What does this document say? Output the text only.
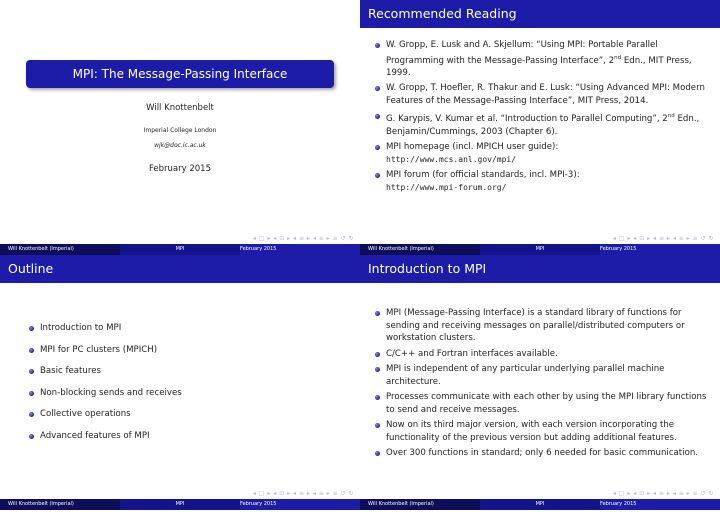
MPI: The Message-Passing Interface
Will Knottenbelt
Imperial College London
wjk@doc.ic.ac.uk
February 2015
◂ □ ▸ ◂ ⊡ ▸ ◂ ≡ ▸ ◂ ≡ ▸ ≡ ↺ ↻
Will Knottenbelt (Imperial)	MPI	February 2015
Recommended Reading
W. Gropp, E. Lusk and A. Skjellum: “Using MPI: Portable Parallel Programming with the Message-Passing Interface”, 2nd Edn., MIT Press, 1999.
W. Gropp, T. Hoefler, R. Thakur and E. Lusk: “Using Advanced MPI: Modern Features of the Message-Passing Interface”, MIT Press, 2014.
G. Karypis, V. Kumar et al. “Introduction to Parallel Computing”, 2nd Edn., Benjamin/Cummings, 2003 (Chapter 6).
MPI homepage (incl. MPICH user guide):
http://www.mcs.anl.gov/mpi/
MPI forum (for official standards, incl. MPI-3):
http://www.mpi-forum.org/
◂ □ ▸ ◂ ⊡ ▸ ◂ ≡ ▸ ◂ ≡ ▸ ≡ ↺ ↻
Will Knottenbelt (Imperial)	MPI	February 2015
Outline
Introduction to MPI
MPI for PC clusters (MPICH)
Basic features
Non-blocking sends and receives
Collective operations
Advanced features of MPI
◂ □ ▸ ◂ ⊡ ▸ ◂ ≡ ▸ ◂ ≡ ▸ ≡ ↺ ↻
Will Knottenbelt (Imperial)	MPI	February 2015
3 / 32
Introduction to MPI
MPI (Message-Passing Interface) is a standard library of functions for sending and receiving messages on parallel/distributed computers or workstation clusters.
C/C++ and Fortran interfaces available.
MPI is independent of any particular underlying parallel machine architecture.
Processes communicate with each other by using the MPI library functions to send and receive messages.
Now on its third major version, with each version incorporating the functionality of the previous version but adding additional features.
Over 300 functions in standard; only 6 needed for basic communication.
◂ □ ▸ ◂ ⊡ ▸ ◂ ≡ ▸ ◂ ≡ ▸ ≡ ↺ ↻
Will Knottenbelt (Imperial)	MPI	February 2015
4 / 32
